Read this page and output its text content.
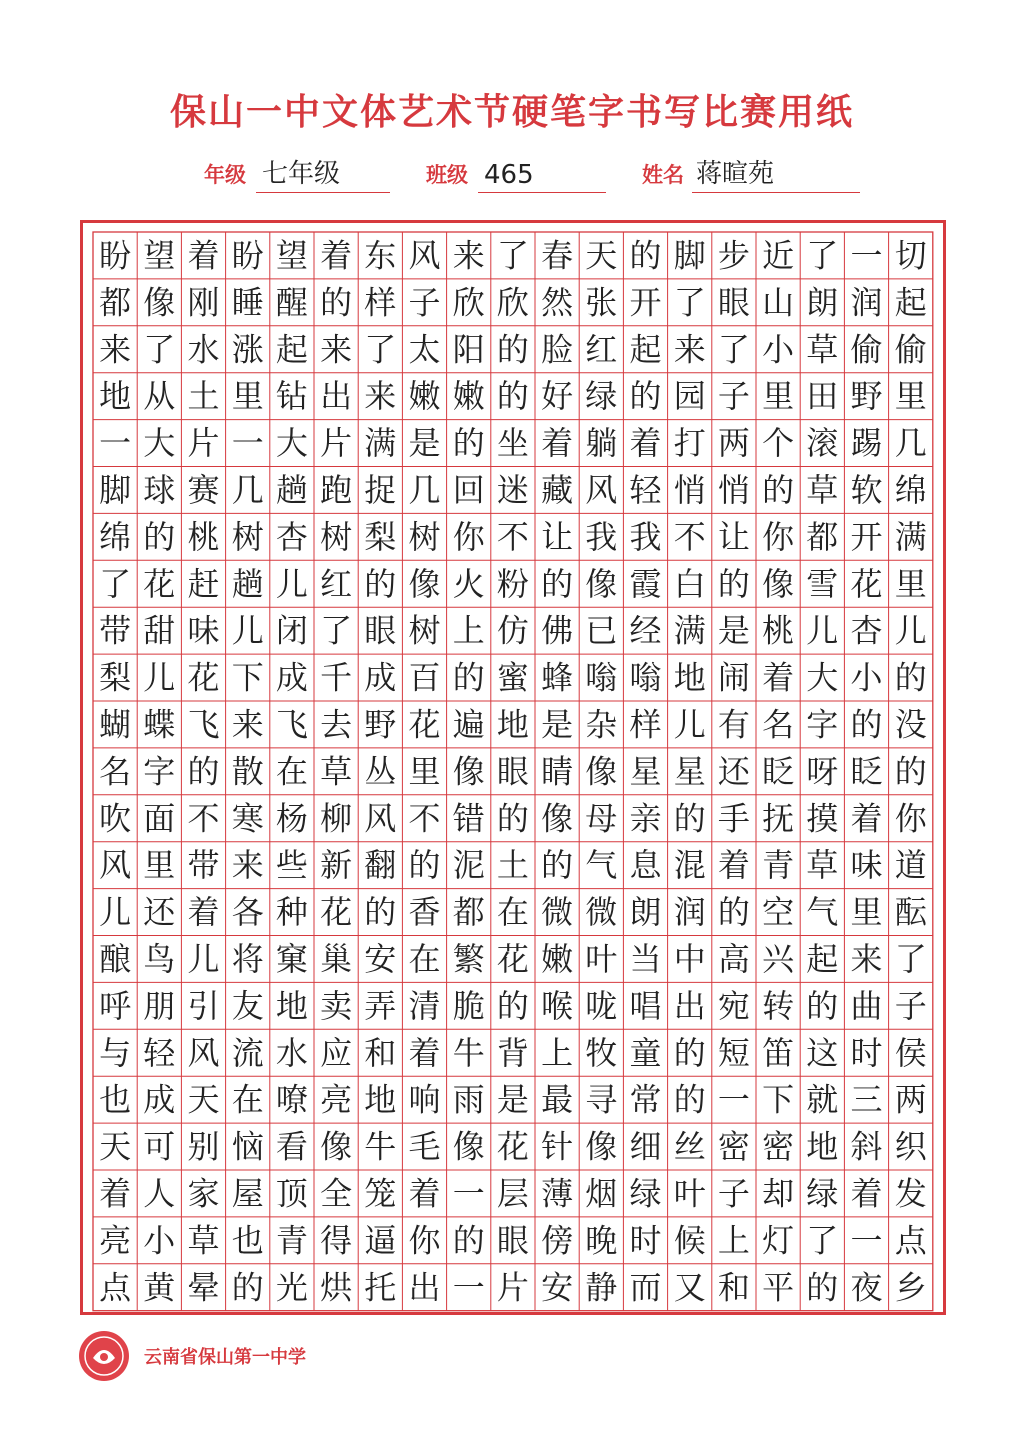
保山一中文体艺术节硬笔字书写比赛用纸
年级 七年级	班级 465	姓名 蒋暄苑
盼 望 着 盼 望 着 东 风 来 了 春 天 的 脚 步 近 了 一 切
都 像 刚 睡 醒 的 样 子 欣 欣 然 张 开 了 眼 山 朗 润 起
来 了 水 涨 起 来 了 太 阳 的 脸 红 起 来 了 小 草 偷 偷
地 从 土 里 钻 出 来 嫩 嫩 的 好 绿 的 园 子 里 田 野 里
一 大 片 一 大 片 满 是 的 坐 着 躺 着 打 两 个 滚 踢 几
脚 球 赛 几 趟 跑 捉 几 回 迷 藏 风 轻 悄 悄 的 草 软 绵
绵 的 桃 树 杏 树 梨 树 你 不 让 我 我 不 让 你 都 开 满
了 花 赶 趟 儿 红 的 像 火 粉 的 像 霞 白 的 像 雪 花 里
带 甜 味 儿 闭 了 眼 树 上 仿 佛 已 经 满 是 桃 儿 杏 儿
梨 儿 花 下 成 千 成 百 的 蜜 蜂 嗡 嗡 地 闹 着 大 小 的
蝴 蝶 飞 来 飞 去 野 花 遍 地 是 杂 样 儿 有 名 字 的 没
名 字 的 散 在 草 丛 里 像 眼 睛 像 星 星 还 眨 呀 眨 的
吹 面 不 寒 杨 柳 风 不 错 的 像 母 亲 的 手 抚 摸 着 你
风 里 带 来 些 新 翻 的 泥 土 的 气 息 混 着 青 草 味 道
儿 还 着 各 种 花 的 香 都 在 微 微 朗 润 的 空 气 里 酝
酿 鸟 儿 将 窠 巢 安 在 繁 花 嫩 叶 当 中 高 兴 起 来 了
呼 朋 引 友 地 卖 弄 清 脆 的 喉 咙 唱 出 宛 转 的 曲 子
与 轻 风 流 水 应 和 着 牛 背 上 牧 童 的 短 笛 这 时 侯
也 成 天 在 嘹 亮 地 响 雨 是 最 寻 常 的 一 下 就 三 两
天 可 别 恼 看 像 牛 毛 像 花 针 像 细 丝 密 密 地 斜 织
着 人 家 屋 顶 全 笼 着 一 层 薄 烟 绿 叶 子 却 绿 着 发
亮 小 草 也 青 得 逼 你 的 眼 傍 晚 时 候 上 灯 了 一 点
点 黄 晕 的 光 烘 托 出 一 片 安 静 而 又 和 平 的 夜 乡
云南省保山第一中学
